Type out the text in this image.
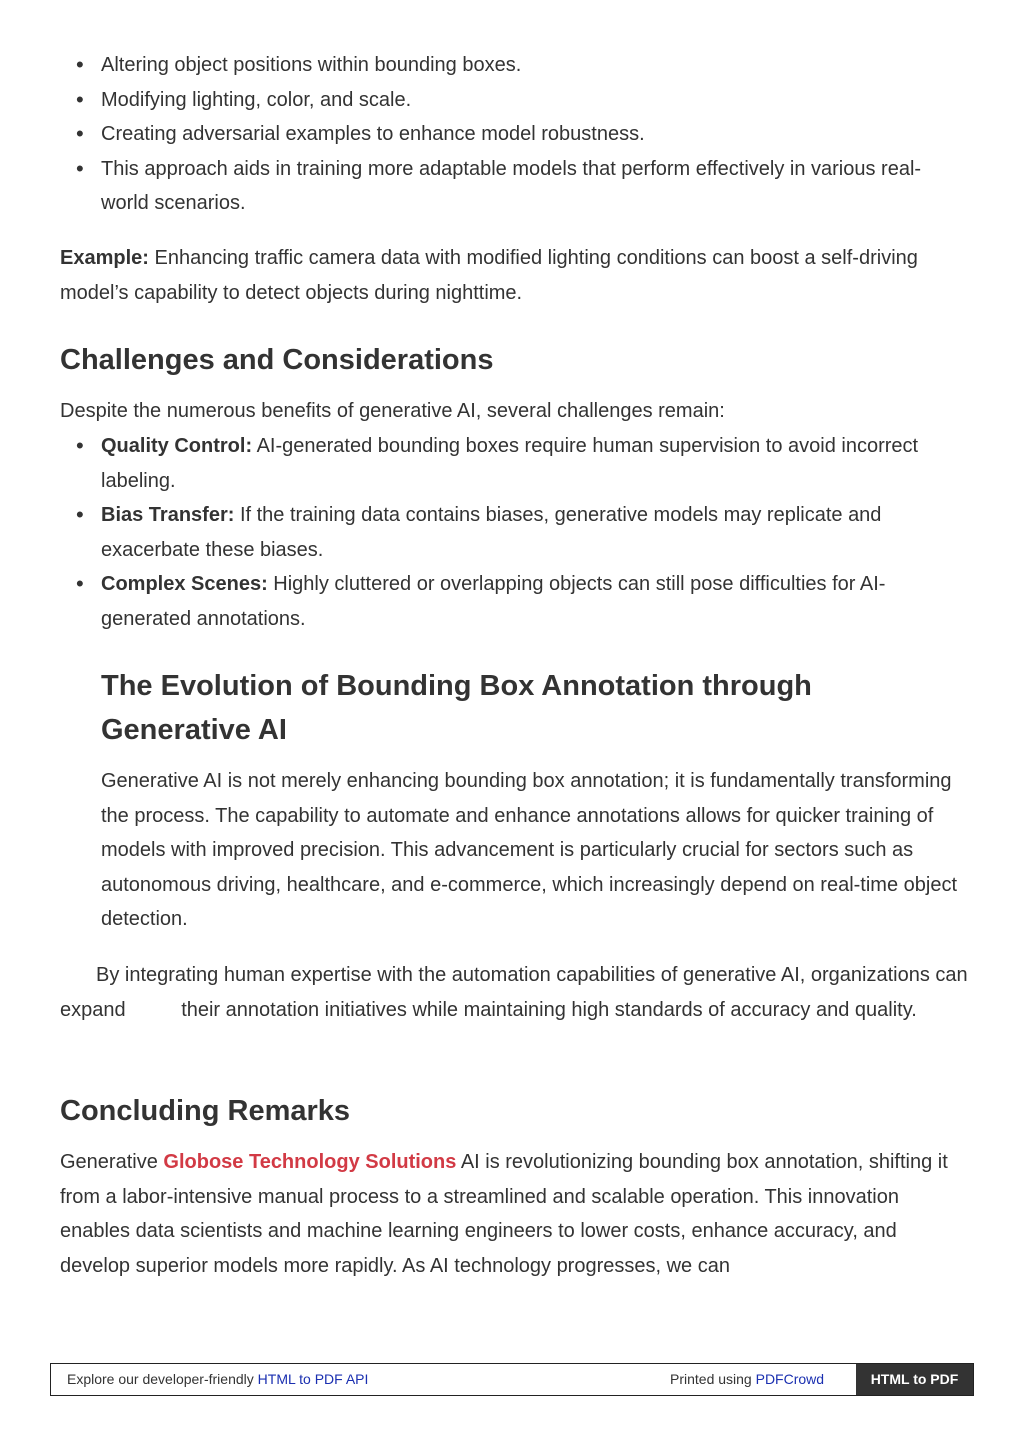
• Altering object positions within bounding boxes.
• Modifying lighting, color, and scale.
• Creating adversarial examples to enhance model robustness.
• This approach aids in training more adaptable models that perform effectively in various real-world scenarios.

Example: Enhancing traffic camera data with modified lighting conditions can boost a self-driving model’s capability to detect objects during nighttime.

Challenges and Considerations

Despite the numerous benefits of generative AI, several challenges remain:

• Quality Control: AI-generated bounding boxes require human supervision to avoid incorrect labeling.
• Bias Transfer: If the training data contains biases, generative models may replicate and exacerbate these biases.
• Complex Scenes: Highly cluttered or overlapping objects can still pose difficulties for AI-generated annotations.
The Evolution of Bounding Box Annotation through Generative AI

Generative AI is not merely enhancing bounding box annotation; it is fundamentally transforming the process. The capability to automate and enhance annotations allows for quicker training of models with improved precision. This advancement is particularly crucial for sectors such as autonomous driving, healthcare, and e-commerce, which increasingly depend on real-time object detection.

By integrating human expertise with the automation capabilities of generative AI, organizations can expand	their annotation initiatives while maintaining high standards of accuracy and quality.

Concluding Remarks

Generative Globose Technology Solutions AI is revolutionizing bounding box annotation, shifting it from a labor-intensive manual process to a streamlined and scalable operation. This innovation enables data scientists and machine learning engineers to lower costs, enhance accuracy, and develop superior models more rapidly. As AI technology progresses, we can

Explore our developer-friendly HTML to PDF API	Printed using PDFCrowd	HTML to PDF
